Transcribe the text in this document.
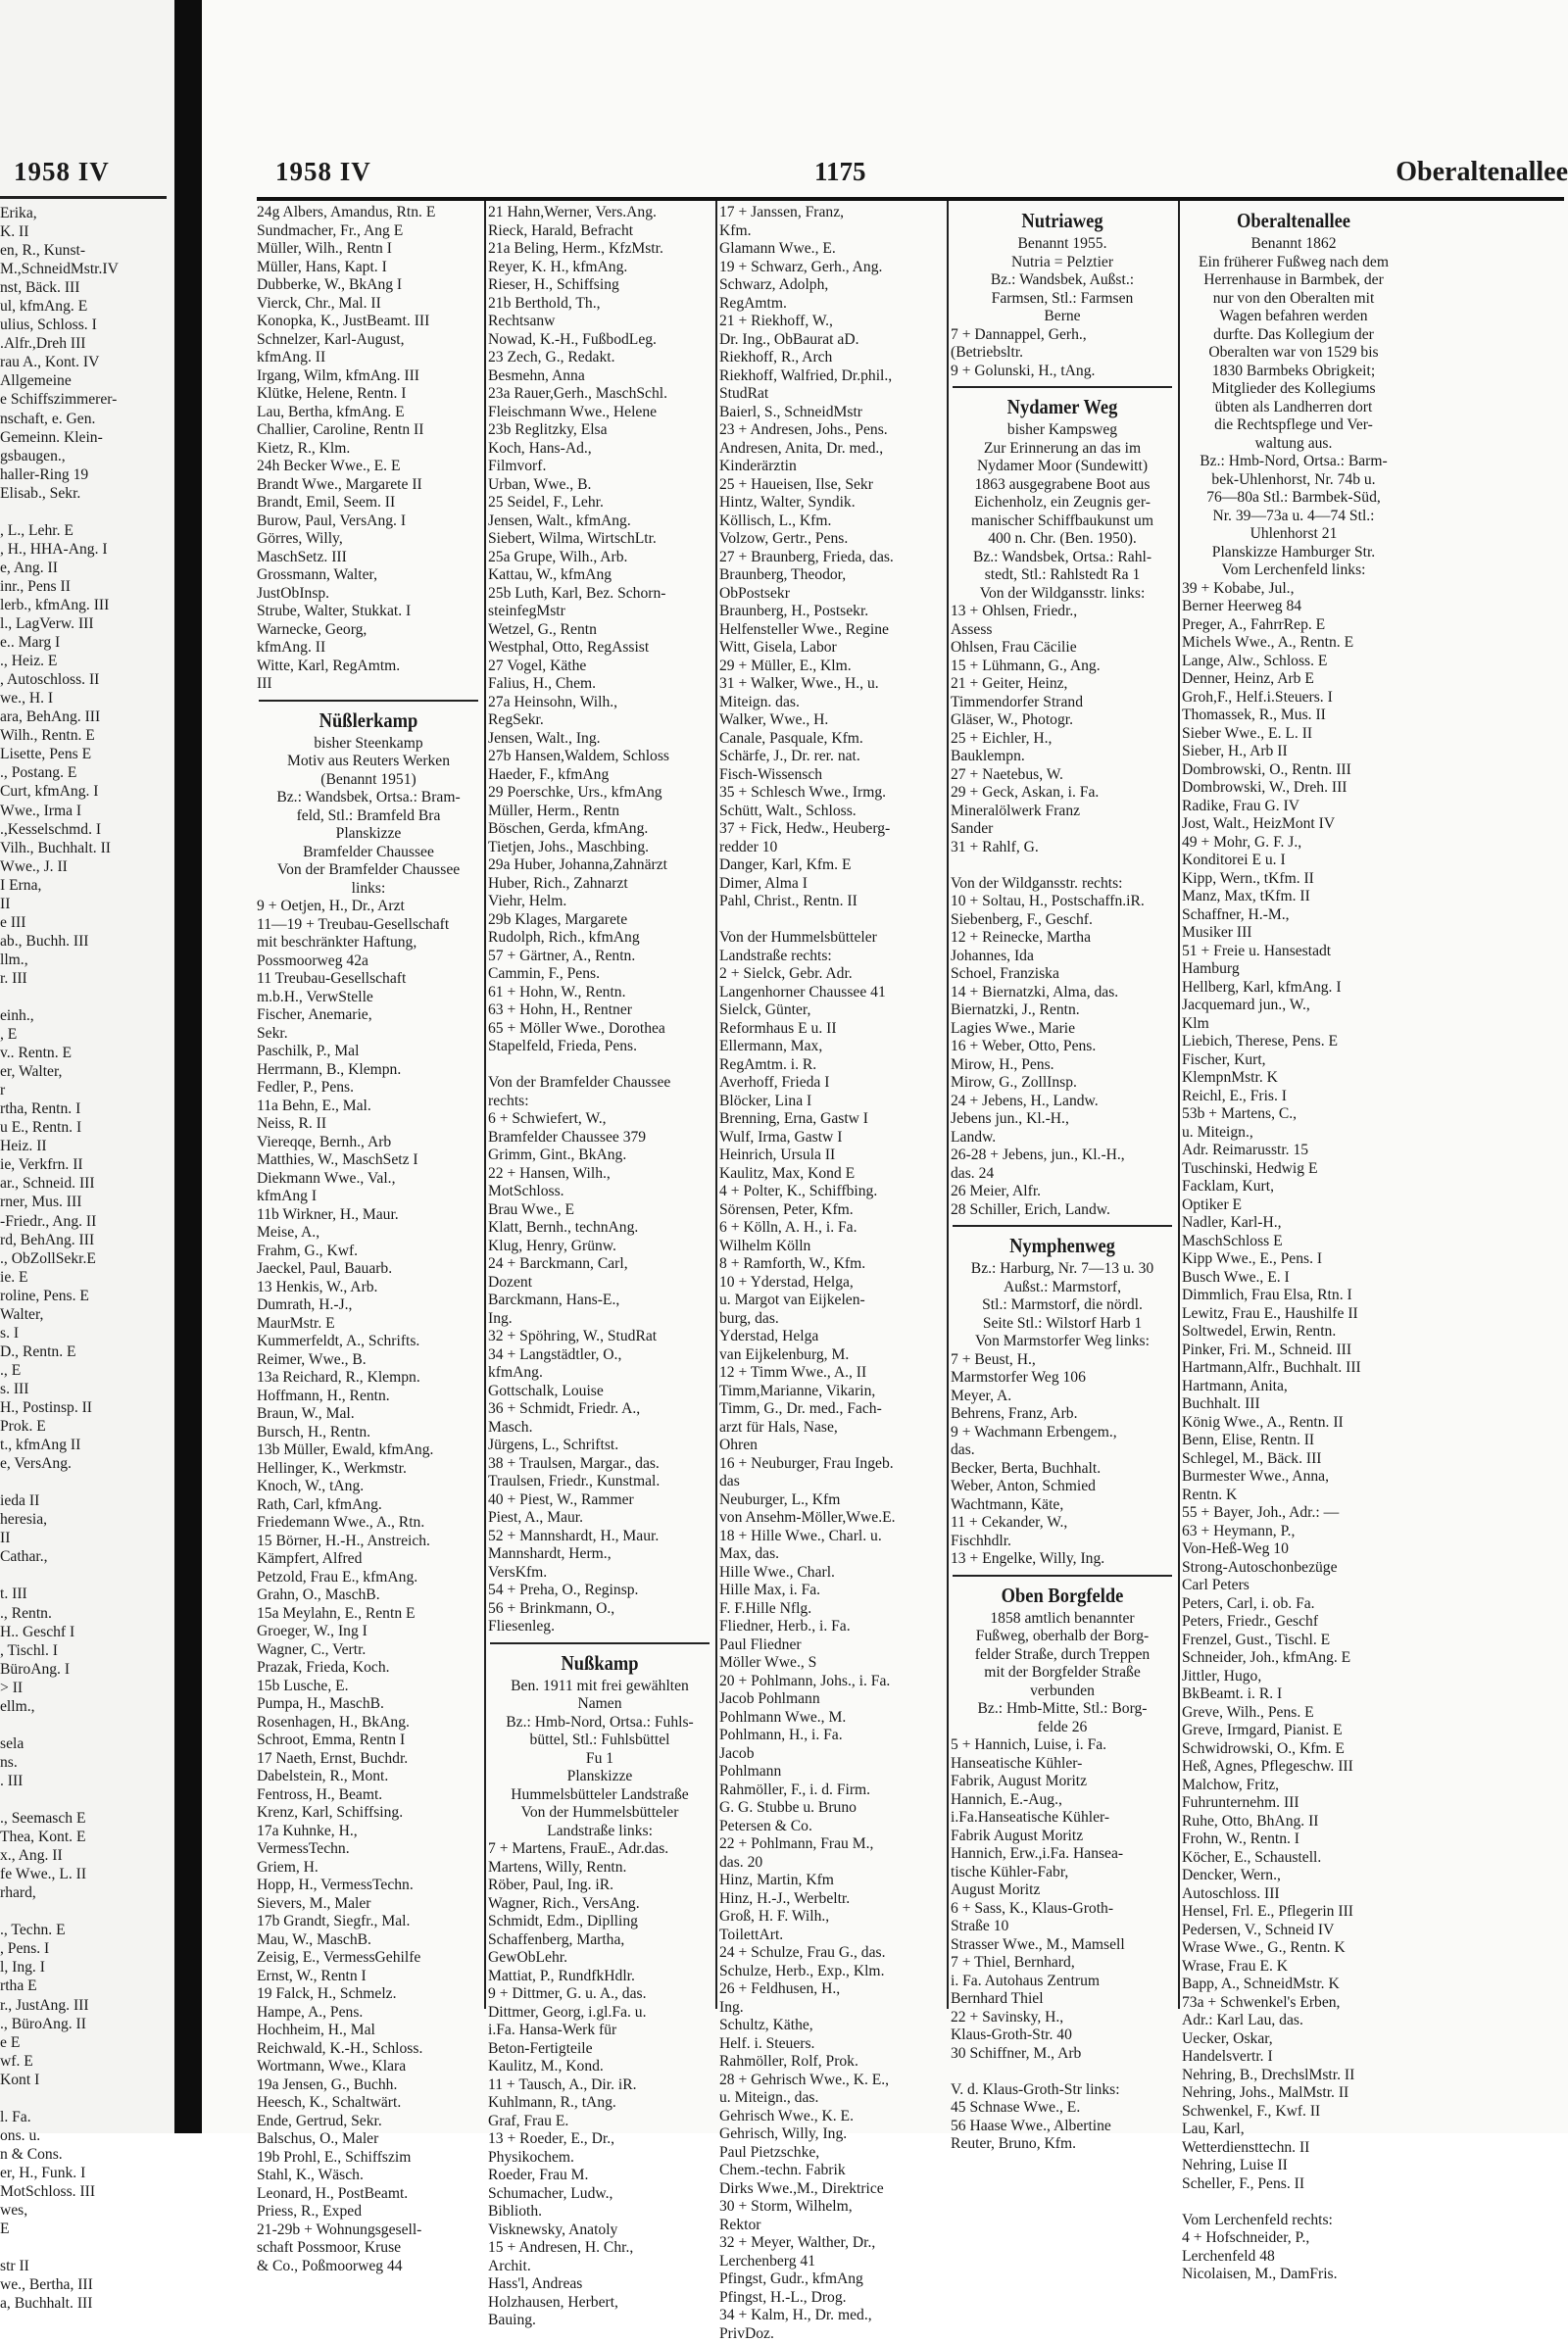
1958 IV
Erika,
K. II
en, R., Kunst-
M.,SchneidMstr.IV
nst, Bäck. III
ul, kfmAng. E
ulius, Schloss. I
.Alfr.,Dreh III
rau A., Kont. IV
Allgemeine
e Schiffszimmerer-
nschaft, e. Gen.
Gemeinn. Klein-
gsbaugen.,
haller-Ring 19
Elisab., Sekr.

, L., Lehr. E
, H., HHA-Ang. I
e, Ang. II
inr., Pens II
lerb., kfmAng. III
l., LagVerw. III
e.. Marg I
., Heiz. E
, Autoschloss. II
we., H. I
ara, BehAng. III
Wilh., Rentn. E
Lisette, Pens E
., Postang. E
Curt, kfmAng. I
Wwe., Irma I
.,Kesselschmd. I
Vilh., Buchhalt. II
Wwe., J. II
I Erna,
II
e III
ab., Buchh. III
llm.,
r. III

einh.,
, E
v.. Rentn. E
er, Walter,
r
rtha, Rentn. I
u E., Rentn. I
Heiz. II
ie, Verkfrn. II
ar., Schneid. III
rner, Mus. III
-Friedr., Ang. II
rd, BehAng. III
., ObZollSekr.E
ie. E
roline, Pens. E
Walter,
s. I
D., Rentn. E
., E
s. III
H., Postinsp. II
Prok. E
t., kfmAng II
e, VersAng.

ieda II
heresia,
II
Cathar.,

t. III
., Rentn.
H.. Geschf I
, Tischl. I
BüroAng. I
> II
ellm.,

sela
ns.
. III

., Seemasch E
Thea, Kont. E
x., Ang. II
fe Wwe., L. II
rhard,

., Techn. E
, Pens. I
l, Ing. I
rtha E
r., JustAng. III
., BüroAng. II
e E
wf. E
Kont I

l. Fa.
ons. u.
n & Cons.
er, H., Funk. I
MotSchloss. III
wes,
E

str II
we., Bertha, III
a, Buchhalt. III
1958 IV	1175	Oberaltenallee
24g Albers, Amandus, Rtn. E
Sundmacher, Fr., Ang E
Müller, Wilh., Rentn I
Müller, Hans, Kapt. I
Dubberke, W., BkAng I
Vierck, Chr., Mal. II
Konopka, K., JustBeamt. III
Schnelzer, Karl-August,
kfmAng. II
Irgang, Wilm, kfmAng. III
Klütke, Helene, Rentn. I
Lau, Bertha, kfmAng. E
Challier, Caroline, Rentn II
Kietz, R., Klm.
24h Becker Wwe., E. E
Brandt Wwe., Margarete II
Brandt, Emil, Seem. II
Burow, Paul, VersAng. I
Görres, Willy,
MaschSetz. III
Grossmann, Walter,
JustObInsp.
Strube, Walter, Stukkat. I
Warnecke, Georg,
kfmAng. II
Witte, Karl, RegAmtm.
III
Nüßlerkamp
bisher Steenkamp
Motiv aus Reuters Werken
(Benannt 1951)
Bz.: Wandsbek, Ortsa.: Bram-
feld, Stl.: Bramfeld Bra
Planskizze
Bramfelder Chaussee
Von der Bramfelder Chaussee
links:
9 + Oetjen, H., Dr., Arzt
11—19 + Treubau-Gesellschaft
mit beschränkter Haftung,
Possmoorweg 42a
11 Treubau-Gesellschaft
m.b.H., VerwStelle
Fischer, Anemarie,
Sekr.
Paschilk, P., Mal
Herrmann, B., Klempn.
Fedler, P., Pens.
11a Behn, E., Mal.
Neiss, R. II
Viereqqe, Bernh., Arb
Matthies, W., MaschSetz I
Diekmann Wwe., Val.,
kfmAng I
11b Wirkner, H., Maur.
Meise, A.,
Frahm, G., Kwf.
Jaeckel, Paul, Bauarb.
13 Henkis, W., Arb.
Dumrath, H.-J.,
MaurMstr. E
Kummerfeldt, A., Schrifts.
Reimer, Wwe., B.
13a Reichard, R., Klempn.
Hoffmann, H., Rentn.
Braun, W., Mal.
Bursch, H., Rentn.
13b Müller, Ewald, kfmAng.
Hellinger, K., Werkmstr.
Knoch, W., tAng.
Rath, Carl, kfmAng.
Friedemann Wwe., A., Rtn.
15 Börner, H.-H., Anstreich.
Kämpfert, Alfred
Petzold, Frau E., kfmAng.
Grahn, O., MaschB.
15a Meylahn, E., Rentn E
Groeger, W., Ing I
Wagner, C., Vertr.
Prazak, Frieda, Koch.
15b Lusche, E.
Pumpa, H., MaschB.
Rosenhagen, H., BkAng.
Schroot, Emma, Rentn I
17 Naeth, Ernst, Buchdr.
Dabelstein, R., Mont.
Fentross, H., Beamt.
Krenz, Karl, Schiffsing.
17a Kuhnke, H.,
VermessTechn.
Griem, H.
Hopp, H., VermessTechn.
Sievers, M., Maler
17b Grandt, Siegfr., Mal.
Mau, W., MaschB.
Zeisig, E., VermessGehilfe
Ernst, W., Rentn I
19 Falck, H., Schmelz.
Hampe, A., Pens.
Hochheim, H., Mal
Reichwald, K.-H., Schloss.
Wortmann, Wwe., Klara
19a Jensen, G., Buchh.
Heesch, K., Schaltwärt.
Ende, Gertrud, Sekr.
Balschus, O., Maler
19b Prohl, E., Schiffszim
Stahl, K., Wäsch.
Leonard, H., PostBeamt.
Priess, R., Exped
21-29b + Wohnungsgesell-
schaft Possmoor, Kruse
& Co., Poßmoorweg 44
21 Hahn,Werner, Vers.Ang.
Rieck, Harald, Befracht
21a Beling, Herm., KfzMstr.
Reyer, K. H., kfmAng.
Rieser, H., Schiffsing
21b Berthold, Th.,
Rechtsanw
Nowad, K.-H., FußbodLeg.
23 Zech, G., Redakt.
Besmehn, Anna
23a Rauer,Gerh., MaschSchl.
Fleischmann Wwe., Helene
23b Reglitzky, Elsa
Koch, Hans-Ad.,
Filmvorf.
Urban, Wwe., B.
25 Seidel, F., Lehr.
Jensen, Walt., kfmAng.
Siebert, Wilma, WirtschLtr.
25a Grupe, Wilh., Arb.
Kattau, W., kfmAng
25b Luth, Karl, Bez. Schorn-
steinfegMstr
Wetzel, G., Rentn
Westphal, Otto, RegAssist
27 Vogel, Käthe
Falius, H., Chem.
27a Heinsohn, Wilh.,
RegSekr.
Jensen, Walt., Ing.
27b Hansen,Waldem, Schloss
Haeder, F., kfmAng
29 Poerschke, Urs., kfmAng
Müller, Herm., Rentn
Böschen, Gerda, kfmAng.
Tietjen, Johs., Maschbing.
29a Huber, Johanna,Zahnärzt
Huber, Rich., Zahnarzt
Viehr, Helm.
29b Klages, Margarete
Rudolph, Rich., kfmAng
57 + Gärtner, A., Rentn.
Cammin, F., Pens.
61 + Hohn, W., Rentn.
63 + Hohn, H., Rentner
65 + Möller Wwe., Dorothea
Stapelfeld, Frieda, Pens.

Von der Bramfelder Chaussee
rechts:
6 + Schwiefert, W.,
Bramfelder Chaussee 379
Grimm, Gint., BkAng.
22 + Hansen, Wilh.,
MotSchloss.
Brau Wwe., E
Klatt, Bernh., technAng.
Klug, Henry, Grünw.
24 + Barckmann, Carl,
Dozent
Barckmann, Hans-E.,
Ing.
32 + Spöhring, W., StudRat
34 + Langstädtler, O.,
kfmAng.
Gottschalk, Louise
36 + Schmidt, Friedr. A.,
Masch.
Jürgens, L., Schriftst.
38 + Traulsen, Margar., das.
Traulsen, Friedr., Kunstmal.
40 + Piest, W., Rammer
Piest, A., Maur.
52 + Mannshardt, H., Maur.
Mannshardt, Herm.,
VersKfm.
54 + Preha, O., Reginsp.
56 + Brinkmann, O.,
Fliesenleg.
Nußkamp
Ben. 1911 mit frei gewählten
Namen
Bz.: Hmb-Nord, Ortsa.: Fuhls-
büttel, Stl.: Fuhlsbüttel
Fu 1
Planskizze
Hummelsbütteler Landstraße
Von der Hummelsbütteler
Landstraße links:
7 + Martens, FrauE., Adr.das.
Martens, Willy, Rentn.
Röber, Paul, Ing. iR.
Wagner, Rich., VersAng.
Schmidt, Edm., Diplling
Schaffenberg, Martha,
GewObLehr.
Mattiat, P., RundfkHdlr.
9 + Dittmer, G. u. A., das.
Dittmer, Georg, i.gl.Fa. u.
i.Fa. Hansa-Werk für
Beton-Fertigteile
Kaulitz, M., Kond.
11 + Tausch, A., Dir. iR.
Kuhlmann, R., tAng.
Graf, Frau E.
13 + Roeder, E., Dr.,
Physikochem.
Roeder, Frau M.
Schumacher, Ludw.,
Biblioth.
Visknewsky, Anatoly
15 + Andresen, H. Chr.,
Archit.
Hass'l, Andreas
Holzhausen, Herbert,
Bauing.
17 + Janssen, Franz,
Kfm.
Glamann Wwe., E.
19 + Schwarz, Gerh., Ang.
Schwarz, Adolph,
RegAmtm.
21 + Riekhoff, W.,
Dr. Ing., ObBaurat aD.
Riekhoff, R., Arch
Riekhoff, Walfried, Dr.phil.,
StudRat
Baierl, S., SchneidMstr
23 + Andresen, Johs., Pens.
Andresen, Anita, Dr. med.,
Kinderärztin
25 + Haueisen, Ilse, Sekr
Hintz, Walter, Syndik.
Köllisch, L., Kfm.
Volzow, Gertr., Pens.
27 + Braunberg, Frieda, das.
Braunberg, Theodor,
ObPostsekr
Braunberg, H., Postsekr.
Helfensteller Wwe., Regine
Witt, Gisela, Labor
29 + Müller, E., Klm.
31 + Walker, Wwe., H., u.
Miteign. das.
Walker, Wwe., H.
Canale, Pasquale, Kfm.
Schärfe, J., Dr. rer. nat.
Fisch-Wissensch
35 + Schlesch Wwe., Irmg.
Schütt, Walt., Schloss.
37 + Fick, Hedw., Heuberg-
redder 10
Danger, Karl, Kfm. E
Dimer, Alma I
Pahl, Christ., Rentn. II

Von der Hummelsbütteler
Landstraße rechts:
2 + Sielck, Gebr. Adr.
Langenhorner Chaussee 41
Sielck, Günter,
Reformhaus E u. II
Ellermann, Max,
RegAmtm. i. R.
Averhoff, Frieda I
Blöcker, Lina I
Brenning, Erna, Gastw I
Wulf, Irma, Gastw I
Heinrich, Ursula II
Kaulitz, Max, Kond E
4 + Polter, K., Schiffbing.
Sörensen, Peter, Kfm.
6 + Kölln, A. H., i. Fa.
Wilhelm Kölln
8 + Ramforth, W., Kfm.
10 + Yderstad, Helga,
u. Margot van Eijkelen-
burg, das.
Yderstad, Helga
van Eijkelenburg, M.
12 + Timm Wwe., A., II
Timm,Marianne, Vikarin,
Timm, G., Dr. med., Fach-
arzt für Hals, Nase,
Ohren
16 + Neuburger, Frau Ingeb.
das
Neuburger, L., Kfm
von Ansehm-Möller,Wwe.E.
18 + Hille Wwe., Charl. u.
Max, das.
Hille Wwe., Charl.
Hille Max, i. Fa.
F. F.Hille Nflg.
Fliedner, Herb., i. Fa.
Paul Fliedner
Möller Wwe., S
20 + Pohlmann, Johs., i. Fa.
Jacob Pohlmann
Pohlmann Wwe., M.
Pohlmann, H., i. Fa.
Jacob
Pohlmann
Rahmöller, F., i. d. Firm.
G. G. Stubbe u. Bruno
Petersen & Co.
22 + Pohlmann, Frau M.,
das. 20
Hinz, Martin, Kfm
Hinz, H.-J., Werbeltr.
Groß, H. F. Wilh.,
ToilettArt.
24 + Schulze, Frau G., das.
Schulze, Herb., Exp., Klm.
26 + Feldhusen, H.,
Ing.
Schultz, Käthe,
Helf. i. Steuers.
Rahmöller, Rolf, Prok.
28 + Gehrisch Wwe., K. E.,
u. Miteign., das.
Gehrisch Wwe., K. E.
Gehrisch, Willy, Ing.
Paul Pietzschke,
Chem.-techn. Fabrik
Dirks Wwe.,M., Direktrice
30 + Storm, Wilhelm,
Rektor
32 + Meyer, Walther, Dr.,
Lerchenberg 41
Pfingst, Gudr., kfmAng
Pfingst, H.-L., Drog.
34 + Kalm, H., Dr. med.,
PrivDoz.
Nutriaweg
Benannt 1955.
Nutria = Pelztier
Bz.: Wandsbek, Außst.:
Farmsen, Stl.: Farmsen
Berne
7 + Dannappel, Gerh.,
(Betriebsltr.
9 + Golunski, H., tAng.
Nydamer Weg
bisher Kampsweg
Zur Erinnerung an das im
Nydamer Moor (Sundewitt)
1863 ausgegrabene Boot aus
Eichenholz, ein Zeugnis ger-
manischer Schiffbaukunst um
400 n. Chr. (Ben. 1950).
Bz.: Wandsbek, Ortsa.: Rahl-
stedt, Stl.: Rahlstedt Ra 1
Von der Wildgansstr. links:
13 + Ohlsen, Friedr.,
Assess
Ohlsen, Frau Cäcilie
15 + Lühmann, G., Ang.
21 + Geiter, Heinz,
Timmendorfer Strand
Gläser, W., Photogr.
25 + Eichler, H.,
Bauklempn.
27 + Naetebus, W.
29 + Geck, Askan, i. Fa.
Mineralölwerk Franz
Sander
31 + Rahlf, G.

Von der Wildgansstr. rechts:
10 + Soltau, H., Postschaffn.iR.
Siebenberg, F., Geschf.
12 + Reinecke, Martha
Johannes, Ida
Schoel, Franziska
14 + Biernatzki, Alma, das.
Biernatzki, J., Rentn.
Lagies Wwe., Marie
16 + Weber, Otto, Pens.
Mirow, H., Pens.
Mirow, G., ZollInsp.
24 + Jebens, H., Landw.
Jebens jun., Kl.-H.,
Landw.
26-28 + Jebens, jun., Kl.-H.,
das. 24
26 Meier, Alfr.
28 Schiller, Erich, Landw.
Nymphenweg
Bz.: Harburg, Nr. 7—13 u. 30
Außst.: Marmstorf,
Stl.: Marmstorf, die nördl.
Seite Stl.: Wilstorf Harb 1
Von Marmstorfer Weg links:
7 + Beust, H.,
Marmstorfer Weg 106
Meyer, A.
Behrens, Franz, Arb.
9 + Wachmann Erbengem.,
das.
Becker, Berta, Buchhalt.
Weber, Anton, Schmied
Wachtmann, Käte,
11 + Cekander, W.,
Fischhdlr.
13 + Engelke, Willy, Ing.
Oben Borgfelde
1858 amtlich benannter
Fußweg, oberhalb der Borg-
felder Straße, durch Treppen
mit der Borgfelder Straße
verbunden
Bz.: Hmb-Mitte, Stl.: Borg-
felde 26
5 + Hannich, Luise, i. Fa.
Hanseatische Kühler-
Fabrik, August Moritz
Hannich, E.-Aug.,
i.Fa.Hanseatische Kühler-
Fabrik August Moritz
Hannich, Erw.,i.Fa. Hansea-
tische Kühler-Fabr,
August Moritz
6 + Sass, K., Klaus-Groth-
Straße 10
Strasser Wwe., M., Mamsell
7 + Thiel, Bernhard,
i. Fa. Autohaus Zentrum
Bernhard Thiel
22 + Savinsky, H.,
Klaus-Groth-Str. 40
30 Schiffner, M., Arb

V. d. Klaus-Groth-Str links:
45 Schnase Wwe., E.
56 Haase Wwe., Albertine
Reuter, Bruno, Kfm.
Oberaltenallee
Benannt 1862
Ein früherer Fußweg nach dem
Herrenhause in Barmbek, der
nur von den Oberalten mit
Wagen befahren werden
durfte. Das Kollegium der
Oberalten war von 1529 bis
1830 Barmbeks Obrigkeit;
Mitglieder des Kollegiums
übten als Landherren dort
die Rechtspflege und Ver-
waltung aus.
Bz.: Hmb-Nord, Ortsa.: Barm-
bek-Uhlenhorst, Nr. 74b u.
76—80a Stl.: Barmbek-Süd,
Nr. 39—73a u. 4—74 Stl.:
Uhlenhorst 21
Planskizze Hamburger Str.
Vom Lerchenfeld links:
39 + Kobabe, Jul.,
Berner Heerweg 84
Preger, A., FahrrRep. E
Michels Wwe., A., Rentn. E
Lange, Alw., Schloss. E
Denner, Heinz, Arb E
Groh,F., Helf.i.Steuers. I
Thomassek, R., Mus. II
Sieber Wwe., E. L. II
Sieber, H., Arb II
Dombrowski, O., Rentn. III
Dombrowski, W., Dreh. III
Radike, Frau G. IV
Jost, Walt., HeizMont IV
49 + Mohr, G. F. J.,
Konditorei E u. I
Kipp, Wern., tKfm. II
Manz, Max, tKfm. II
Schaffner, H.-M.,
Musiker III
51 + Freie u. Hansestadt
Hamburg
Hellberg, Karl, kfmAng. I
Jacquemard jun., W.,
Klm
Liebich, Therese, Pens. E
Fischer, Kurt,
KlempnMstr. K
Reichl, E., Fris. I
53b + Martens, C.,
u. Miteign.,
Adr. Reimarusstr. 15
Tuschinski, Hedwig E
Facklam, Kurt,
Optiker E
Nadler, Karl-H.,
MaschSchloss E
Kipp Wwe., E., Pens. I
Busch Wwe., E. I
Dimmlich, Frau Elsa, Rtn. I
Lewitz, Frau E., Haushilfe II
Soltwedel, Erwin, Rentn.
Pinker, Fri. M., Schneid. III
Hartmann,Alfr., Buchhalt. III
Hartmann, Anita,
Buchhalt. III
König Wwe., A., Rentn. II
Benn, Elise, Rentn. II
Schlegel, M., Bäck. III
Burmester Wwe., Anna,
Rentn. K
55 + Bayer, Joh., Adr.: —
63 + Heymann, P.,
Von-Heß-Weg 10
Strong-Autoschonbezüge
Carl Peters
Peters, Carl, i. ob. Fa.
Peters, Friedr., Geschf
Frenzel, Gust., Tischl. E
Schneider, Joh., kfmAng. E
Jittler, Hugo,
BkBeamt. i. R. I
Greve, Wilh., Pens. E
Greve, Irmgard, Pianist. E
Schwidrowski, O., Kfm. E
Heß, Agnes, Pflegeschw. III
Malchow, Fritz,
Fuhrunternehm. III
Ruhe, Otto, BhAng. II
Frohn, W., Rentn. I
Köcher, E., Schaustell.
Dencker, Wern.,
Autoschloss. III
Hensel, Frl. E., Pflegerin III
Pedersen, V., Schneid IV
Wrase Wwe., G., Rentn. K
Wrase, Frau E. K
Bapp, A., SchneidMstr. K
73a + Schwenkel's Erben,
Adr.: Karl Lau, das.
Uecker, Oskar,
Handelsvertr. I
Nehring, B., DrechslMstr. II
Nehring, Johs., MalMstr. II
Schwenkel, F., Kwf. II
Lau, Karl,
Wetterdiensttechn. II
Nehring, Luise II
Scheller, F., Pens. II

Vom Lerchenfeld rechts:
4 + Hofschneider, P.,
Lerchenfeld 48
Nicolaisen, M., DamFris.
